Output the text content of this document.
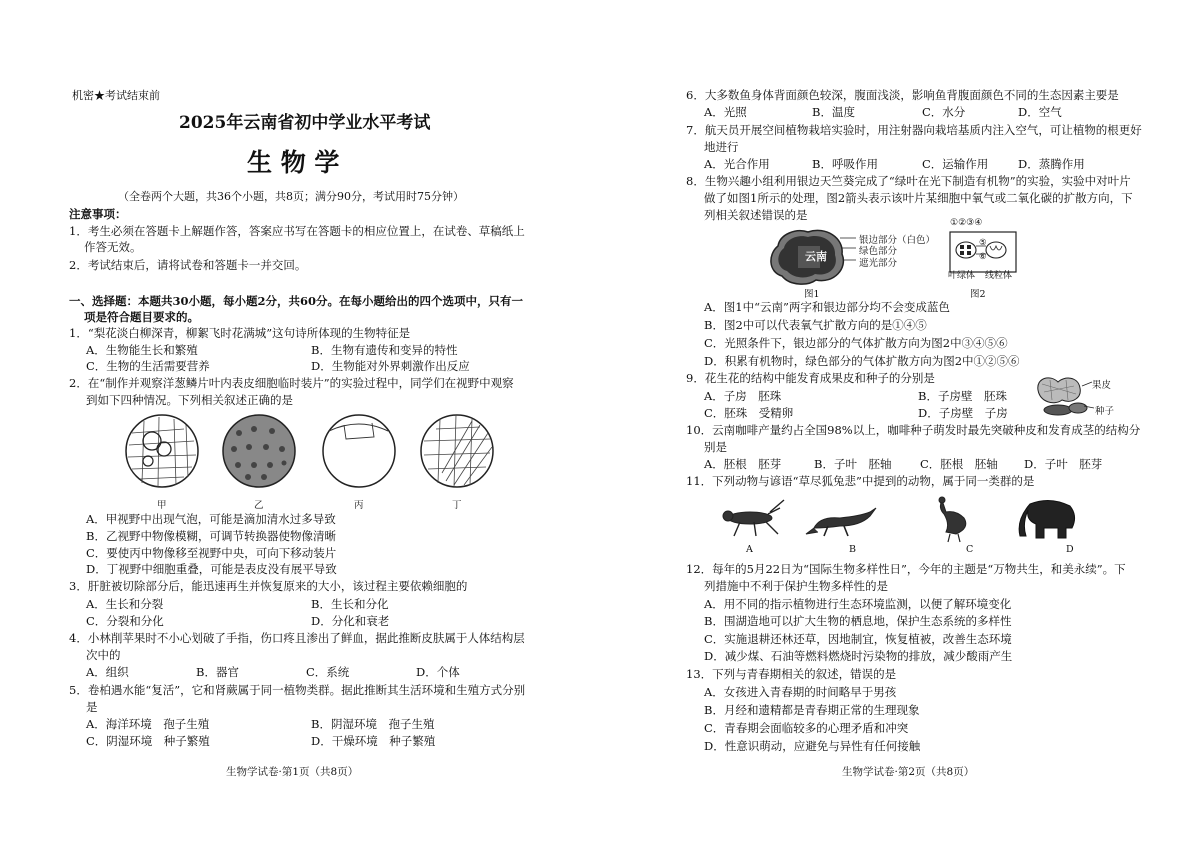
机密★考试结束前
2025年云南省初中学业水平考试
生 物 学
（全卷两个大题，共36个小题，共8页；满分90分，考试用时75分钟）
注意事项：
1．考生必须在答题卡上解题作答，答案应书写在答题卡的相应位置上，在试卷、草稿纸上
作答无效。
2．考试结束后，请将试卷和答题卡一并交回。
一、选择题：本题共30小题，每小题2分，共60分。在每小题给出的四个选项中，只有一
项是符合题目要求的。
1．“梨花淡白柳深青，柳絮飞时花满城”这句诗所体现的生物特征是
A．生物能生长和繁殖	B．生物有遗传和变异的特性
C．生物的生活需要营养	D．生物能对外界刺激作出反应
2．在“制作并观察洋葱鳞片叶内表皮细胞临时装片”的实验过程中，同学们在视野中观察
到如下四种情况。下列相关叙述正确的是
甲	乙	丙	丁
A．甲视野中出现气泡，可能是滴加清水过多导致
B．乙视野中物像模糊，可调节转换器使物像清晰
C．要使丙中物像移至视野中央，可向下移动装片
D．丁视野中细胞重叠，可能是表皮没有展平导致
3．肝脏被切除部分后，能迅速再生并恢复原来的大小，该过程主要依赖细胞的
A．生长和分裂	B．生长和分化
C．分裂和分化	D．分化和衰老
4．小林削苹果时不小心划破了手指，伤口疼且渗出了鲜血，据此推断皮肤属于人体结构层
次中的
A．组织	B．器官	C．系统	D．个体
5．卷柏遇水能“复活”，它和肾蕨属于同一植物类群。据此推断其生活环境和生殖方式分别
是
A．海洋环境　孢子生殖	B．阴湿环境　孢子生殖
C．阴湿环境　种子繁殖	D．干燥环境　种子繁殖
生物学试卷·第1页（共8页）
6．大多数鱼身体背面颜色较深，腹面浅淡，影响鱼背腹面颜色不同的生态因素主要是
A．光照	B．温度	C．水分	D．空气
7．航天员开展空间植物栽培实验时，用注射器向栽培基质内注入空气，可让植物的根更好
地进行
A．光合作用	B．呼吸作用	C．运输作用	D．蒸腾作用
8．生物兴趣小组利用银边天竺葵完成了“绿叶在光下制造有机物”的实验，实验中对叶片
做了如图1所示的处理，图2箭头表示该叶片某细胞中氧气或二氧化碳的扩散方向，下
列相关叙述错误的是
云南
银边部分（白色）
绿色部分
遮光部分
图1
①②③④
⑤
⑥
叶绿体 线粒体
图2
A．图1中“云南”两字和银边部分均不会变成蓝色
B．图2中可以代表氧气扩散方向的是①④⑤
C．光照条件下，银边部分的气体扩散方向为图2中③④⑤⑥
D．积累有机物时，绿色部分的气体扩散方向为图2中①②⑤⑥
9．花生花的结构中能发育成果皮和种子的分别是
A．子房　胚珠	B．子房壁　胚珠
C．胚珠　受精卵	D．子房壁　子房
果皮
种子
10．云南咖啡产量约占全国98%以上，咖啡种子萌发时最先突破种皮和发育成茎的结构分
别是
A．胚根　胚芽	B．子叶　胚轴 C．胚根　胚轴 D．子叶　胚芽
11．下列动物与谚语“草尽狐兔悲”中提到的动物，属于同一类群的是
A	B	C	D
12．每年的5月22日为“国际生物多样性日”，今年的主题是“万物共生，和美永续”。下
列措施中不利于保护生物多样性的是
A．用不同的指示植物进行生态环境监测，以便了解环境变化
B．围湖造地可以扩大生物的栖息地，保护生态系统的多样性
C．实施退耕还林还草，因地制宜，恢复植被，改善生态环境
D．减少煤、石油等燃料燃烧时污染物的排放，减少酸雨产生
13．下列与青春期相关的叙述，错误的是
A．女孩进入青春期的时间略早于男孩
B．月经和遗精都是青春期正常的生理现象
C．青春期会面临较多的心理矛盾和冲突
D．性意识萌动，应避免与异性有任何接触
生物学试卷·第2页（共8页）
